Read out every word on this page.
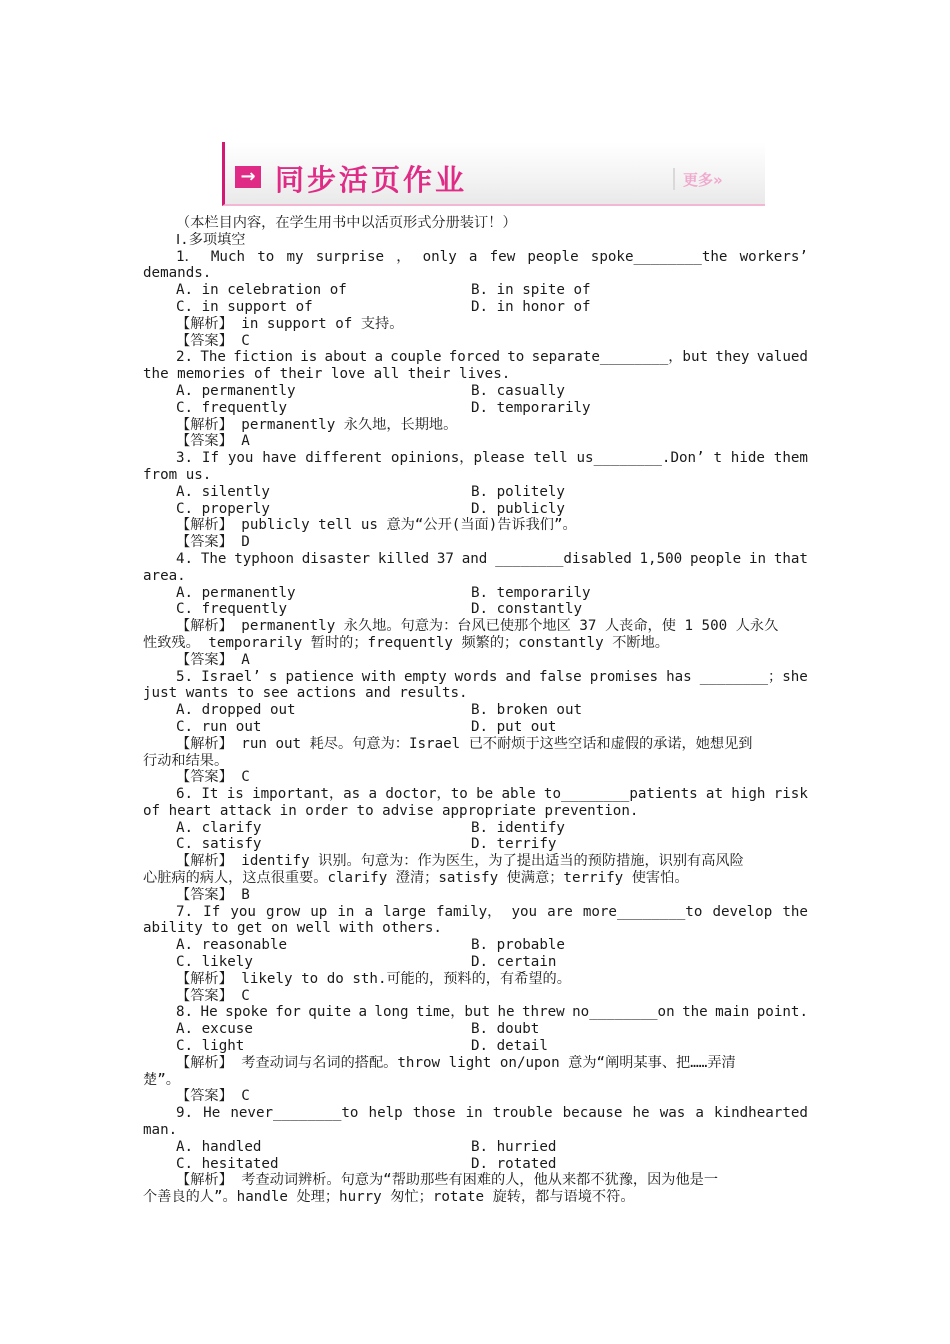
→ 同步活页作业	更多»
（本栏目内容，在学生用书中以活页形式分册装订！）
Ⅰ.多项填空
1． Much to my surprise ， only a few people spoke________the workers’
demands.
A. in celebration of	B. in spite of
C. in support of	D. in honor of
【解析】 in support of 支持。
【答案】 C
2. The fiction is about a couple forced to separate________，but they valued
the memories of their love all their lives.
A. permanently	B. casually
C. frequently	D. temporarily
【解析】 permanently 永久地，长期地。
【答案】 A
3. If you have different opinions，please tell us________.Don’ t hide them
from us.
A. silently	B. politely
C. properly	D. publicly
【解析】 publicly tell us 意为“公开(当面)告诉我们”。
【答案】 D
4. The typhoon disaster killed 37 and ________disabled 1,500 people in that
area.
A. permanently	B. temporarily
C. frequently	D. constantly
【解析】 permanently 永久地。句意为：台风已使那个地区 37 人丧命，使 1 500 人永久
性致残。 temporarily 暂时的；frequently 频繁的；constantly 不断地。
【答案】 A
5. Israel’ s patience with empty words and false promises has ________；she
just wants to see actions and results.
A. dropped out	B. broken out
C. run out	D. put out
【解析】 run out 耗尽。句意为：Israel 已不耐烦于这些空话和虚假的承诺，她想见到
行动和结果。
【答案】 C
6. It is important，as a doctor，to be able to________patients at high risk
of heart attack in order to advise appropriate prevention.
A. clarify	B. identify
C. satisfy	D. terrify
【解析】 identify 识别。句意为：作为医生，为了提出适当的预防措施，识别有高风险
心脏病的病人，这点很重要。clarify 澄清；satisfy 使满意；terrify 使害怕。
【答案】 B
7. If you grow up in a large family， you are more________to develop the
ability to get on well with others.
A. reasonable	B. probable
C. likely	D. certain
【解析】 likely to do sth.可能的，预料的，有希望的。
【答案】 C
8. He spoke for quite a long time，but he threw no________on the main point.
A. excuse	B. doubt
C. light	D. detail
【解析】 考查动词与名词的搭配。throw light on/upon 意为“阐明某事、把……弄清
楚”。
【答案】 C
9. He never________to help those in trouble because he was a kindhearted
man.
A. handled	B. hurried
C. hesitated	D. rotated
【解析】 考查动词辨析。句意为“帮助那些有困难的人，他从来都不犹豫，因为他是一
个善良的人”。handle 处理；hurry 匆忙；rotate 旋转，都与语境不符。
